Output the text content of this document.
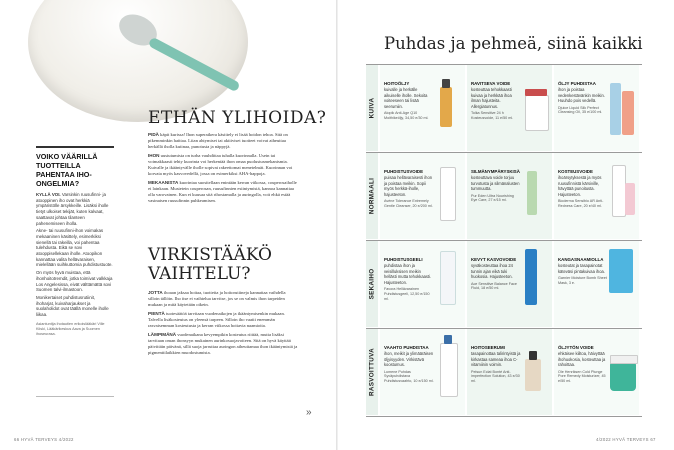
ETHÄN YLIHOIDA?

PIDÄ käpit kurissa! Ihon superaikera käsittely ei lisää hoidon tehoa. Sitä on pikemminkin haittaa. Liian ahtymiset tai aktiiviset tuotteet voivat aiheuttaa herkällä iholla kutinaa, punotusta ja näppyjä.

IHON uusiutumista on turha vauhdittaa tuhalla kuorinnalla. Usein tai voimakkaasti tehty kuorinta voi herkentää ihon omaa puolustusmekanismia. Kuivalle ja ikääntyvälle iholle sopivat rakeettomat menetelmät. Kuorinnan voi korvata myös kasvovedellä, jossa on esimerkiksi AHA-happoja.

MEKAANISTA kuorintaa suositellaan enintään kerran viikossa, couperosaiholle ei lainkaan. Mustetein couperosan, ruusufinnien esiintymistä, kannoa kannattaa olla varovainen. Kun ei kuusaa sitä rihostamalla ja auringolla, voit ehkä estää vasinaisen ruusufinnin puhkeamisen.

VIRKISTÄÄKÖ VAIHTELU?

JOTTA ihoaan jaksaa hoitaa, tuotteita ja hoitorutiineja kannattaa vaihdella silloin tällöin. Iho itse ei vaihtelua tarvitse, jos se on valmis ihon tarpeiden mukaan ja mitä käytetään oikein.

PIENTÄ tuotesäätöä tarvitaan vuodenaikojen ja ikääntymisenkin mukaan. Talvella lisäkosteutus on yleensä tarpeen. Silloin iho vaatii enemmän rasvaisemman kosteutusta ja kerran viikossa hoitavia naamioita.

LÄMPIMÄNÄ vuodenaikana kevyempikin kosteutus riittää, mutta lisäksi tarvitaan oman ihonsyyn mukainen aurinkosuojavoiteen. Sitä on hyvä käyttää päivittäin päivänä, sillä suoja jarruttaa auringon aiheuttamaa ihon ikääntymistä ja pigmenttilaikkien muodostumista.

VOIKO VÄÄRILLÄ TUOTTEILLA PAHENTAA IHO-ONGELMIA?

KYLLÄ VOI. Varsinkin ruusufinni- ja atooppinen iho ovat herkkiä ympäristölle ärsykkeille. Lisäksi iholle tietyt ulkoiset tekijät, kuten kalvaat, saattavat johtaa tilanteen pahenemiseen iholla.

Akne- tai ruusufinni-ihon voimakas mekaaninen käsittely, esimerkiksi sienellä tai rakeilla, voi pahentaa tulehdusta. Eikä se sovi atooppisellekaan iholle. Atoopikon kannattaa valita hellävaraisen, mielellään suihkuttomia puhdistustuote.

On myös hyvä muistaa, että ihonhoitotremdit, jotka toimivat valkkaja Los Angelesissa, eivät välttämättä sovi Suomen talvi-ilmastoon.

Monikertaiset puhdistusrutiinit, ihoharjat, kuivaharjaukset ja suolaholidot ovat täällä monelle iholle liikaa.

Asiantuntija ihotautien erikoislääkäri Ville Kiiski, Lääkärikeskus Aava ja Suomen ihoseurasa.
»
66 HYVÄ TERVEYS 4/2022
Puhdas ja pehmeä, siinä kaikki
KUIVA
HOITOÖLJY
kuivalle ja herkälle aikuiselle iholle. Sekoita voiteeseen tai lisää seerumiin.
Atopik Anti-Age Q10 Moithikeöljy, 34,50 e/30 ml.
RAVITSEVA VOIDE
kosteuttaa tehokkaasti kuivaa ja herkkää ihoa ilman hajusteita. Allergiatunnus.
Tolka Sensitive 24 h Kosteusvoide, 11 e/50 ml.
ÖLJY PUHDISTAA
ihon ja poistaa vedenkestävänkin meikin. Huuhdo pois vedellä.
Djuice Liquid Silk Perfect Cleansing Oil, 35 e/100 ml.
NORMAALI
PUHDISTUSVOIDE
puisaa hellävaraisesti ihon ja poistaa meikin. Sopii myös herkkä-iholle, hajusteeton.
Avène Tolerance Extremely Gentle Cleanser, 20 e/200 ml.
SILMÄNYMPÄRYSKISÄ
kosteuttava voide torjuu turvotusta ja silmänalusten tummuutta.
Pur Eden Ultra Nourishing Eye Care, 27 e/15 ml.
KOSTEUSVOIDE
ihoärsytyksestä ja myös ruusufinnistä kärsiville, hävyttää punoitusta. Hajusteeton.
Bioderma Sensibio AR Anti-Redness Care, 20 e/40 ml.
SEKAIHO
PUHDISTUSGEELI
puhdistaa ihon ja veisilluksisen meikin hellästi mutta tehokkaasti. Hajusteeton.
Favora Hellävarainen Puhdistusgeeli, 12,50 e/150 ml.
KEVYT KASVOVOIDE
syväkosteuttaa ihoa 24 tunnin ajan eikä tuki huokosia. Hajusteeton.
Ace Sensitive Balance Face Fluid, 18 e/50 ml.
KANGASNAAMIOLLA
kosteutat ja tasapainotat käteväsi pintakuivaa ihoa.
Garnier Moisture Bomb Sheet Mask, 3 e.
RASVOITTUVA
VAAHTO PUHDISTAA
ihon, meikit ja ylimääräisen öljyisyyden. Virkistävä koostumus.
Lumene Puhdas Syväpuhdistava Puhdistusvaahto, 10 e/150 ml.
HOITOSEERUMI
tasapainottaa talirintyistä ja kirkastaa sameaa ihoa C-vitamiinin voimin.
Pelsun Eclat Bonté Anti-imperfection Solution, 43 e/30 ml.
ÖLJYTÖN VOIDE
ehkäisee kiiltoa, häivyttää ihohuokosia, kosteuttaa ja rahoittaa.
Ole Henriksen Cold Plunge Pore Remedy Moisturizer, 45 e/50 ml.
4/2022 HYVÄ TERVEYS 67
